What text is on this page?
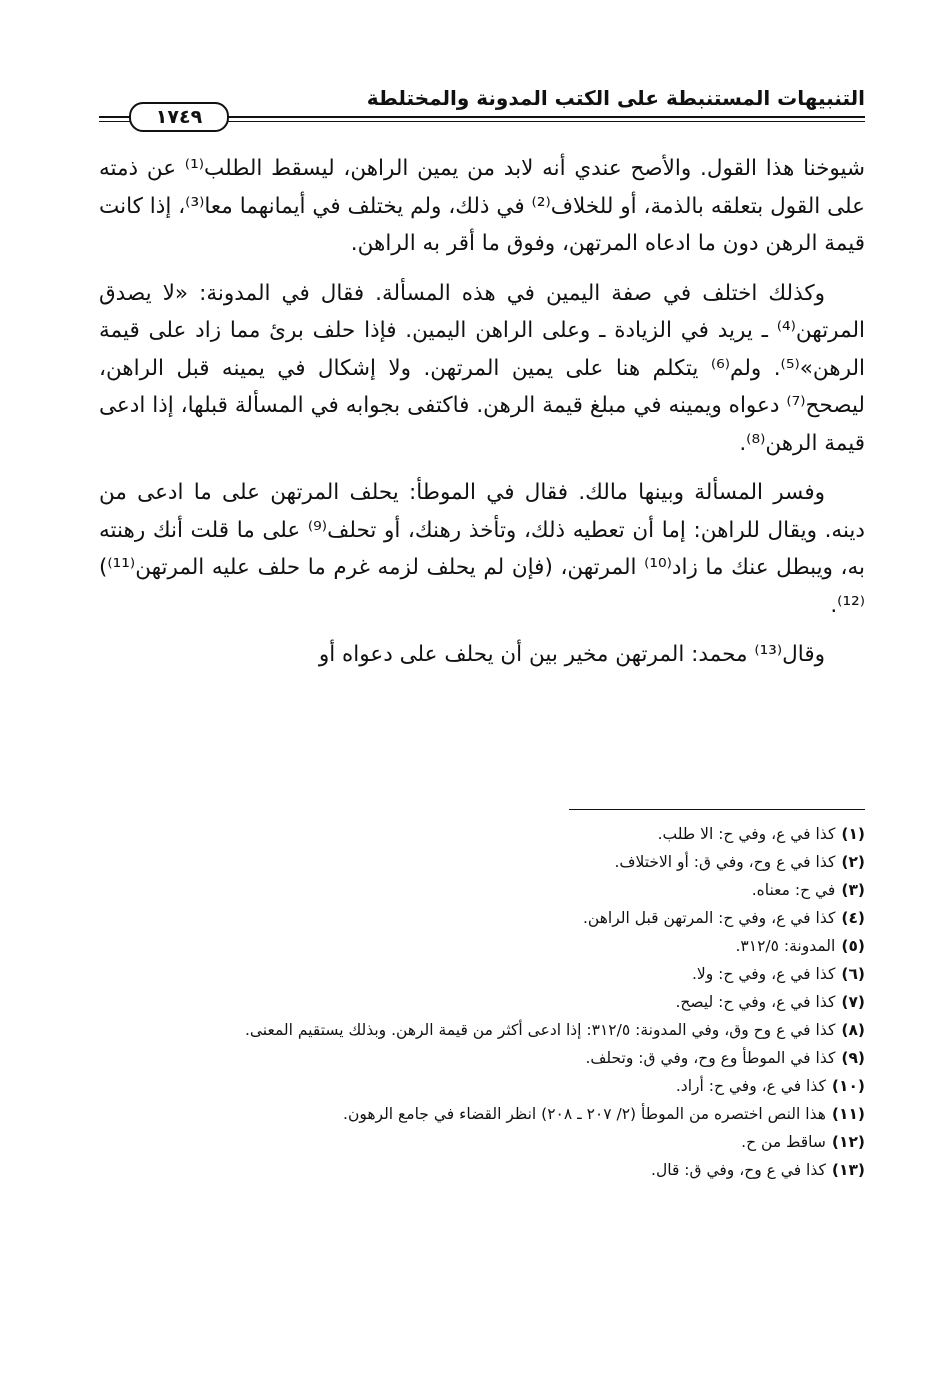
التنبيهات المستنبطة على الكتب المدونة والمختلطة
١٧٤٩

شيوخنا هذا القول. والأصح عندي أنه لابد من يمين الراهن، ليسقط الطلب⁽¹⁾ عن ذمته على القول بتعلقه بالذمة، أو للخلاف⁽²⁾ في ذلك، ولم يختلف في أيمانهما معا⁽³⁾، إذا كانت قيمة الرهن دون ما ادعاه المرتهن، وفوق ما أقر به الراهن.

وكذلك اختلف في صفة اليمين في هذه المسألة. فقال في المدونة: «لا يصدق المرتهن⁽⁴⁾ ـ يريد في الزيادة ـ وعلى الراهن اليمين. فإذا حلف برئ مما زاد على قيمة الرهن»⁽⁵⁾. ولم⁽⁶⁾ يتكلم هنا على يمين المرتهن. ولا إشكال في يمينه قبل الراهن، ليصحح⁽⁷⁾ دعواه ويمينه في مبلغ قيمة الرهن. فاكتفى بجوابه في المسألة قبلها، إذا ادعى قيمة الرهن⁽⁸⁾.

وفسر المسألة وبينها مالك. فقال في الموطأ: يحلف المرتهن على ما ادعى من دينه. ويقال للراهن: إما أن تعطيه ذلك، وتأخذ رهنك، أو تحلف⁽⁹⁾ على ما قلت أنك رهنته به، ويبطل عنك ما زاد⁽¹⁰⁾ المرتهن، (فإن لم يحلف لزمه غرم ما حلف عليه المرتهن⁽¹¹⁾)⁽¹²⁾.

وقال⁽¹³⁾ محمد: المرتهن مخير بين أن يحلف على دعواه أو

(١)كذا في ع، وفي ح: الا طلب.
(٢)كذا في ع وح، وفي ق: أو الاختلاف.
(٣)في ح: معناه.
(٤)كذا في ع، وفي ح: المرتهن قبل الراهن.
(٥)المدونة: ٣١٢/٥.
(٦)كذا في ع، وفي ح: ولا.
(٧)كذا في ع، وفي ح: ليصح.
(٨)كذا في ع وح وق، وفي المدونة: ٣١٢/٥: إذا ادعى أكثر من قيمة الرهن. وبذلك يستقيم المعنى.
(٩)كذا في الموطأ وع وح، وفي ق: وتحلف.
(١٠)كذا في ع، وفي ح: أراد.
(١١)هذا النص اختصره من الموطأ (٢/ ٢٠٧ ـ ٢٠٨) انظر القضاء في جامع الرهون.
(١٢)ساقط من ح.
(١٣)كذا في ع وح، وفي ق: قال.
